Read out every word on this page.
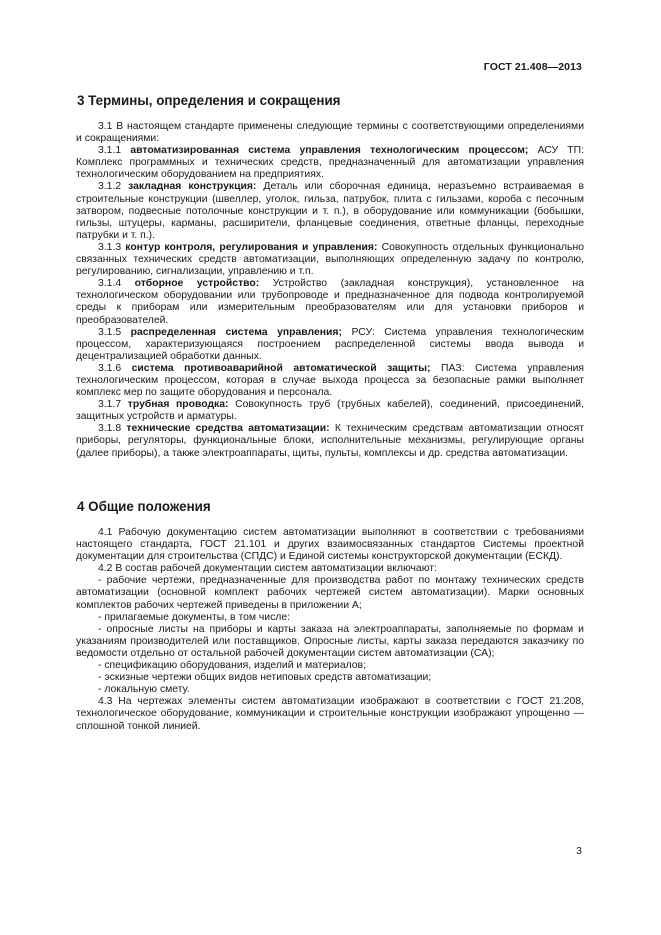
ГОСТ 21.408—2013
3 Термины, определения и сокращения

3.1 В настоящем стандарте применены следующие термины с соответствующими определениями и сокращениями:

3.1.1 автоматизированная система управления технологическим процессом; АСУ ТП: Комплекс программных и технических средств, предназначенный для автоматизации управления технологическим оборудованием на предприятиях.

3.1.2 закладная конструкция: Деталь или сборочная единица, неразъемно встраиваемая в строительные конструкции (швеллер, уголок, гильза, патрубок, плита с гильзами, короба с песочным затвором, подвесные потолочные конструкции и т. п.), в оборудование или коммуникации (бобышки, гильзы, штуцеры, карманы, расширители, фланцевые соединения, ответные фланцы, переходные патрубки и т. п.).

3.1.3 контур контроля, регулирования и управления: Совокупность отдельных функционально связанных технических средств автоматизации, выполняющих определенную задачу по контролю, регулированию, сигнализации, управлению и т.п.

3.1.4 отборное устройство: Устройство (закладная конструкция), установленное на технологическом оборудовании или трубопроводе и предназначенное для подвода контролируемой среды к приборам или измерительным преобразователям или для установки приборов и преобразователей.

3.1.5 распределенная система управления; РСУ: Система управления технологическим процессом, характеризующаяся построением распределенной системы ввода вывода и децентрализацией обработки данных.

3.1.6 система противоаварийной автоматической защиты; ПАЗ: Система управления технологическим процессом, которая в случае выхода процесса за безопасные рамки выполняет комплекс мер по защите оборудования и персонала.

3.1.7 трубная проводка: Совокупность труб (трубных кабелей), соединений, присоединений, защитных устройств и арматуры.

3.1.8 технические средства автоматизации: К техническим средствам автоматизации относят приборы, регуляторы, функциональные блоки, исполнительные механизмы, регулирующие органы (далее приборы), а также электроаппараты, щиты, пульты, комплексы и др. средства автоматизации.

4 Общие положения

4.1 Рабочую документацию систем автоматизации выполняют в соответствии с требованиями настоящего стандарта, ГОСТ 21.101 и других взаимосвязанных стандартов Системы проектной документации для строительства (СПДС) и Единой системы конструкторской документации (ЕСКД).

4.2 В состав рабочей документации систем автоматизации включают:

- рабочие чертежи, предназначенные для производства работ по монтажу технических средств автоматизации (основной комплект рабочих чертежей систем автоматизации). Марки основных комплектов рабочих чертежей приведены в приложении А;

- прилагаемые документы, в том числе:

- опросные листы на приборы и карты заказа на электроаппараты, заполняемые по формам и указаниям производителей или поставщиков. Опросные листы, карты заказа передаются заказчику по ведомости отдельно от остальной рабочей документации систем автоматизации (СА);

- спецификацию оборудования, изделий и материалов;

- эскизные чертежи общих видов нетиповых средств автоматизации;

- локальную смету.

4.3 На чертежах элементы систем автоматизации изображают в соответствии с ГОСТ 21.208, технологическое оборудование, коммуникации и строительные конструкции изображают упрощенно — сплошной тонкой линией.

3
